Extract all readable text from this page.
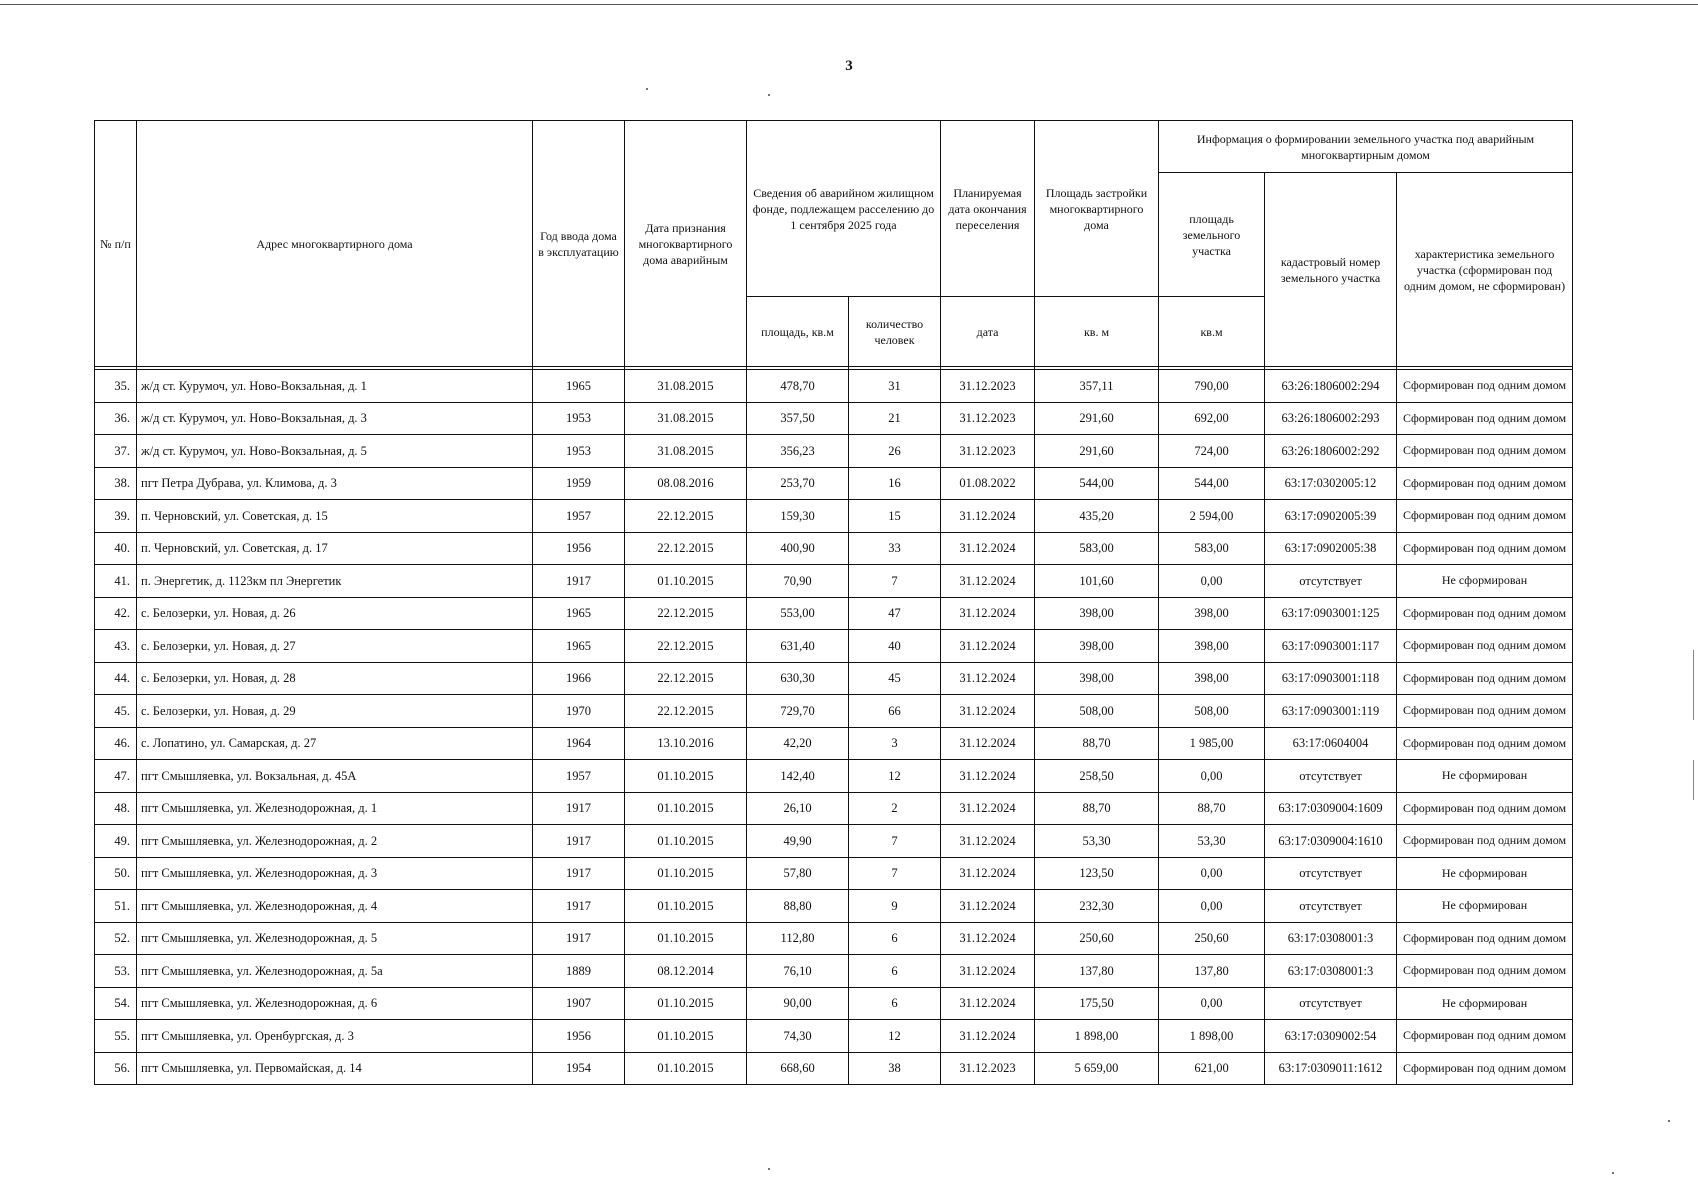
3
№ п/п	Адрес многоквартирного дома	Год ввода дома в эксплуатацию	Дата признания многоквартирного дома аварийным	Сведения об аварийном жилищном фонде, подлежащем расселению до 1 сентября 2025 года		Планируемая дата окончания переселения	Площадь застройки многоквартирного дома	Информация о формировании земельного участка под аварийным многоквартирным домом		
								площадь земельного участка	кадастровый номер земельного участка	характеристика земельного участка (сформирован под одним домом, не сформирован)
				площадь, кв.м	количество человек	дата	кв. м	кв.м		

35.	ж/д ст. Курумоч, ул. Ново-Вокзальная, д. 1	1965	31.08.2015	478,70	31	31.12.2023	357,11	790,00	63:26:1806002:294	Сформирован под одним домом
36.	ж/д ст. Курумоч, ул. Ново-Вокзальная, д. 3	1953	31.08.2015	357,50	21	31.12.2023	291,60	692,00	63:26:1806002:293	Сформирован под одним домом
37.	ж/д ст. Курумоч, ул. Ново-Вокзальная, д. 5	1953	31.08.2015	356,23	26	31.12.2023	291,60	724,00	63:26:1806002:292	Сформирован под одним домом
38.	пгт Петра Дубрава, ул. Климова, д. 3	1959	08.08.2016	253,70	16	01.08.2022	544,00	544,00	63:17:0302005:12	Сформирован под одним домом
39.	п. Черновский, ул. Советская, д. 15	1957	22.12.2015	159,30	15	31.12.2024	435,20	2 594,00	63:17:0902005:39	Сформирован под одним домом
40.	п. Черновский, ул. Советская, д. 17	1956	22.12.2015	400,90	33	31.12.2024	583,00	583,00	63:17:0902005:38	Сформирован под одним домом
41.	п. Энергетик, д. 1123км пл Энергетик	1917	01.10.2015	70,90	7	31.12.2024	101,60	0,00	отсутствует	Не сформирован
42.	с. Белозерки, ул. Новая, д. 26	1965	22.12.2015	553,00	47	31.12.2024	398,00	398,00	63:17:0903001:125	Сформирован под одним домом
43.	с. Белозерки, ул. Новая, д. 27	1965	22.12.2015	631,40	40	31.12.2024	398,00	398,00	63:17:0903001:117	Сформирован под одним домом
44.	с. Белозерки, ул. Новая, д. 28	1966	22.12.2015	630,30	45	31.12.2024	398,00	398,00	63:17:0903001:118	Сформирован под одним домом
45.	с. Белозерки, ул. Новая, д. 29	1970	22.12.2015	729,70	66	31.12.2024	508,00	508,00	63:17:0903001:119	Сформирован под одним домом
46.	с. Лопатино, ул. Самарская, д. 27	1964	13.10.2016	42,20	3	31.12.2024	88,70	1 985,00	63:17:0604004	Сформирован под одним домом
47.	пгт Смышляевка, ул. Вокзальная, д. 45А	1957	01.10.2015	142,40	12	31.12.2024	258,50	0,00	отсутствует	Не сформирован
48.	пгт Смышляевка, ул. Железнодорожная, д. 1	1917	01.10.2015	26,10	2	31.12.2024	88,70	88,70	63:17:0309004:1609	Сформирован под одним домом
49.	пгт Смышляевка, ул. Железнодорожная, д. 2	1917	01.10.2015	49,90	7	31.12.2024	53,30	53,30	63:17:0309004:1610	Сформирован под одним домом
50.	пгт Смышляевка, ул. Железнодорожная, д. 3	1917	01.10.2015	57,80	7	31.12.2024	123,50	0,00	отсутствует	Не сформирован
51.	пгт Смышляевка, ул. Железнодорожная, д. 4	1917	01.10.2015	88,80	9	31.12.2024	232,30	0,00	отсутствует	Не сформирован
52.	пгт Смышляевка, ул. Железнодорожная, д. 5	1917	01.10.2015	112,80	6	31.12.2024	250,60	250,60	63:17:0308001:3	Сформирован под одним домом
53.	пгт Смышляевка, ул. Железнодорожная, д. 5а	1889	08.12.2014	76,10	6	31.12.2024	137,80	137,80	63:17:0308001:3	Сформирован под одним домом
54.	пгт Смышляевка, ул. Железнодорожная, д. 6	1907	01.10.2015	90,00	6	31.12.2024	175,50	0,00	отсутствует	Не сформирован
55.	пгт Смышляевка, ул. Оренбургская, д. 3	1956	01.10.2015	74,30	12	31.12.2024	1 898,00	1 898,00	63:17:0309002:54	Сформирован под одним домом
56.	пгт Смышляевка, ул. Первомайская, д. 14	1954	01.10.2015	668,60	38	31.12.2023	5 659,00	621,00	63:17:0309011:1612	Сформирован под одним домом
